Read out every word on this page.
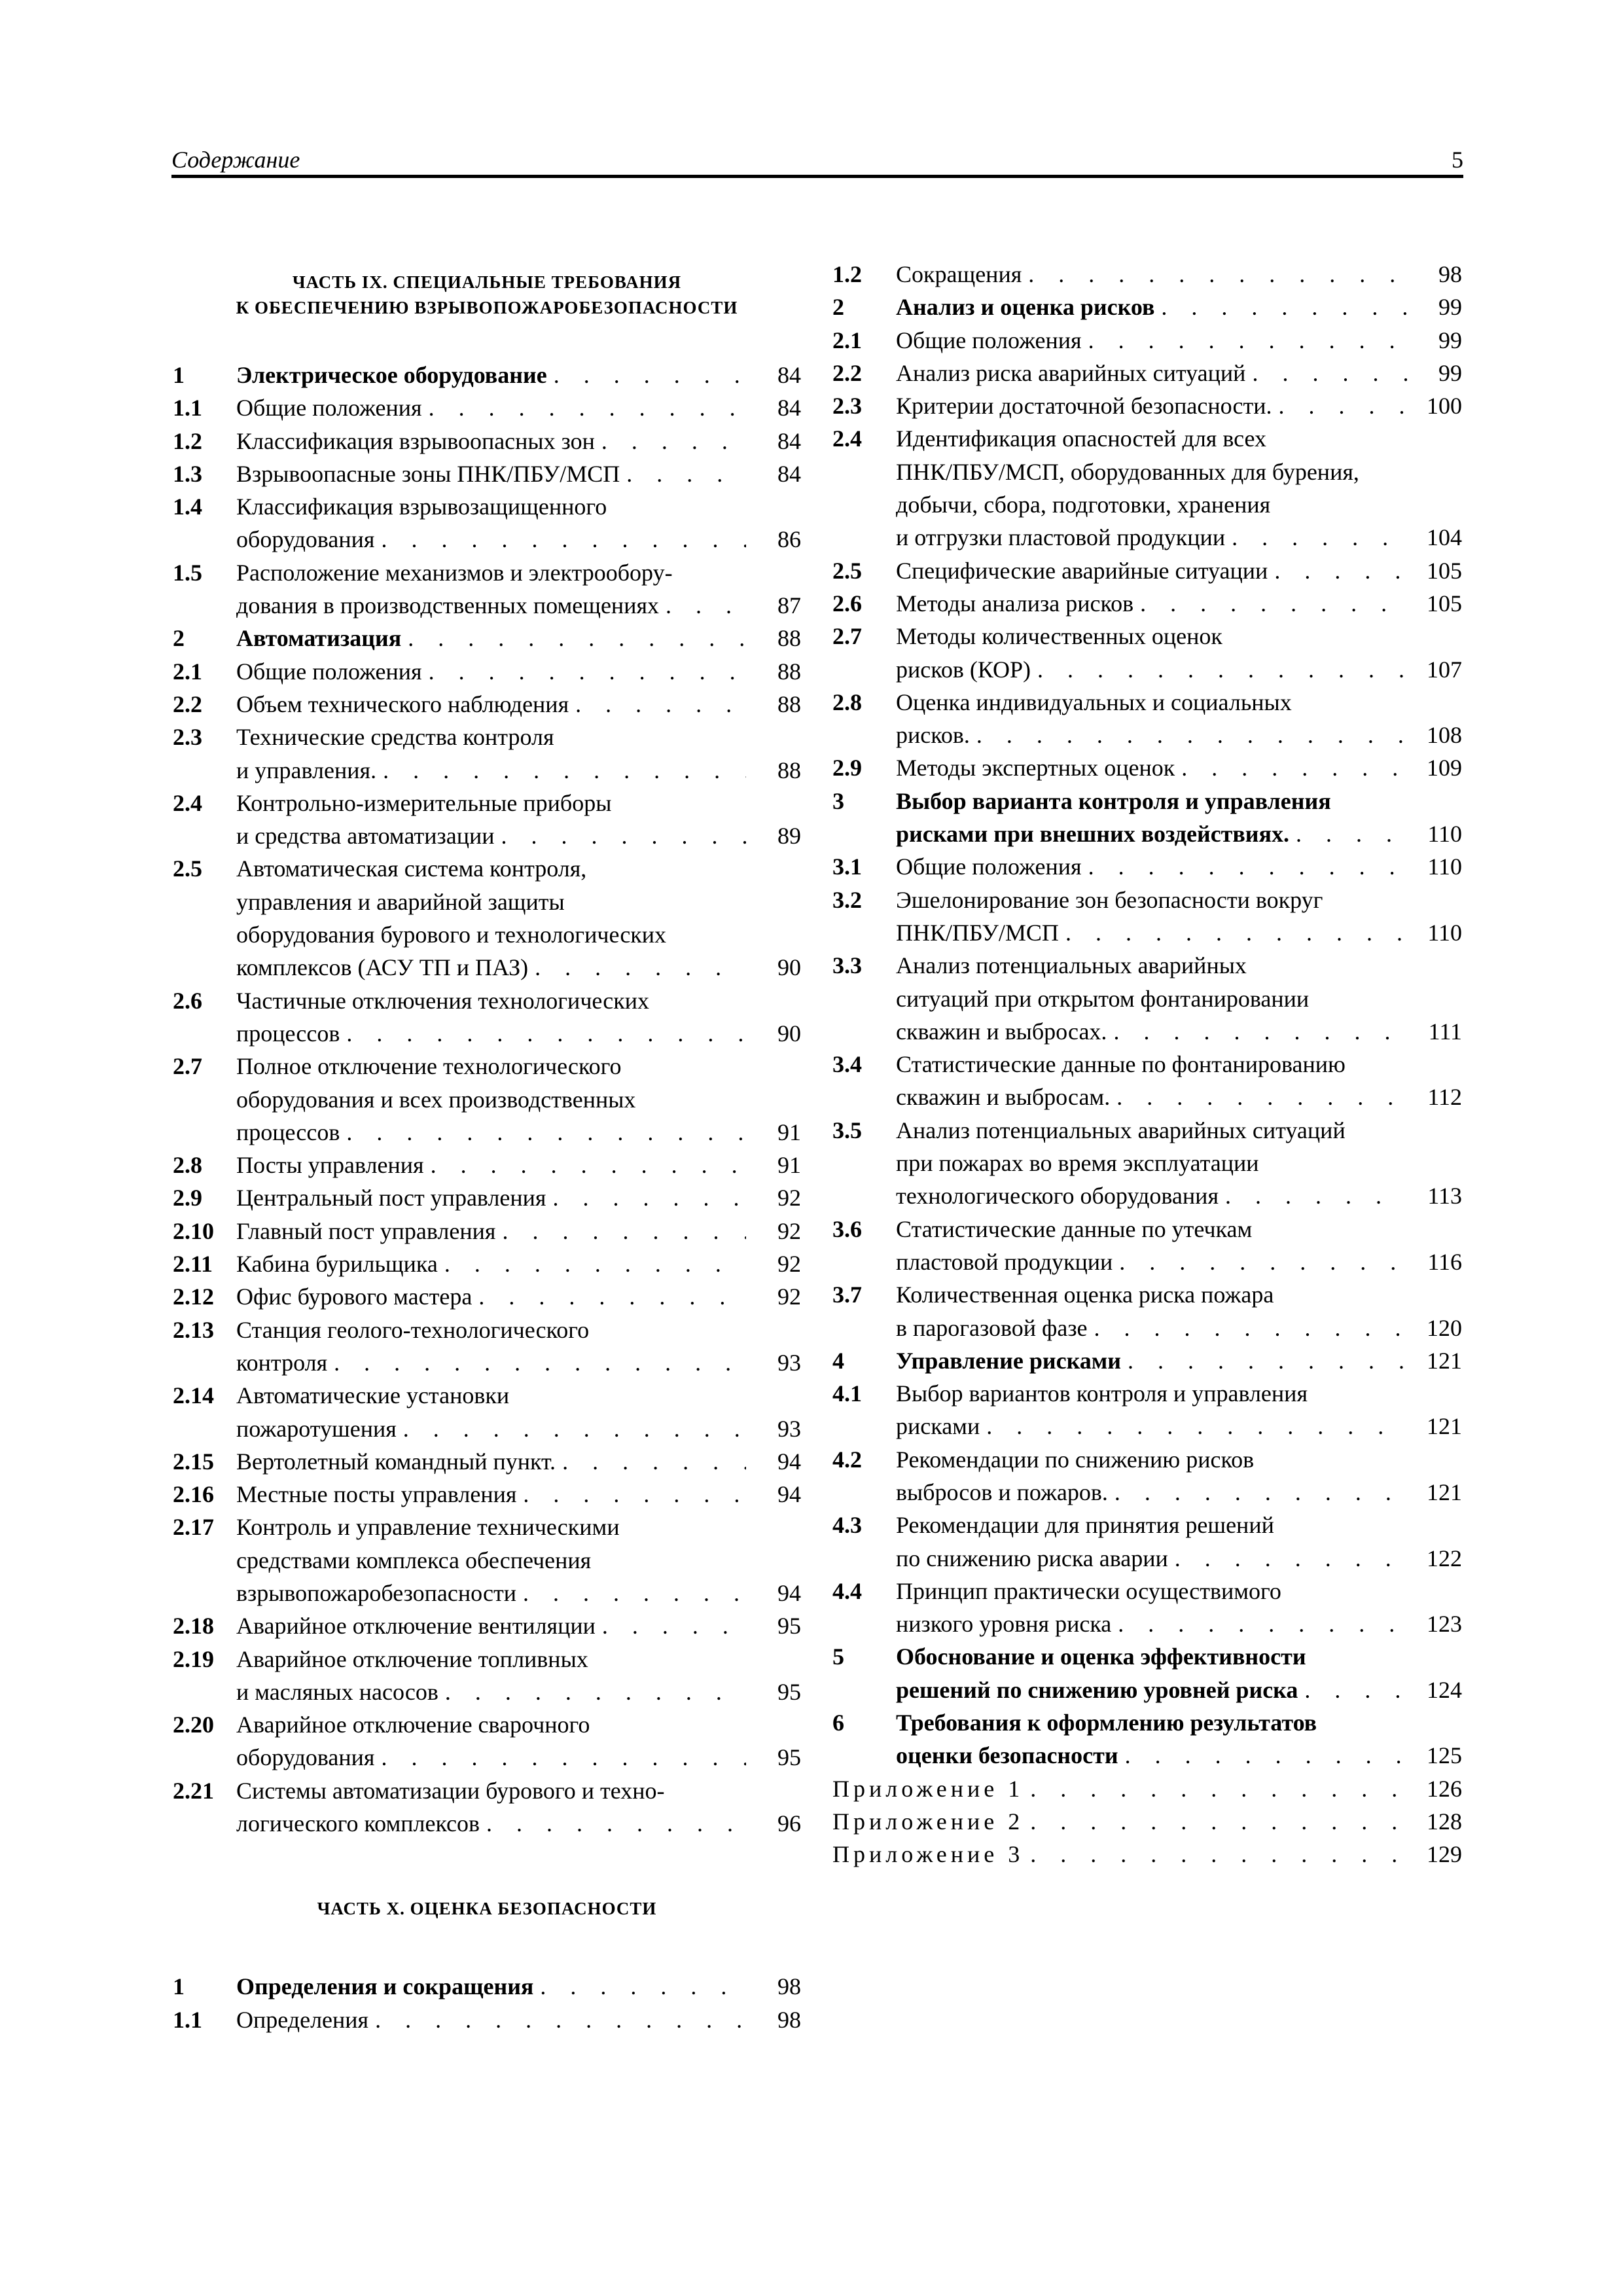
Содержание	5
ЧАСТЬ IX. СПЕЦИАЛЬНЫЕ ТРЕБОВАНИЯ
К ОБЕСПЕЧЕНИЮ ВЗРЫВОПОЖАРОБЕЗОПАСНОСТИ
1	Электрическое оборудование . . .	84
1.1	Общие положения . . .	84
1.2	Классификация взрывоопасных зон . . .	84
1.3	Взрывоопасные зоны ПНК/ПБУ/МСП . . .	84
1.4	Классификация взрывозащищенного
оборудования . . .	86
1.5	Расположение механизмов и электрообору-
дования в производственных помещениях . . .	87
2	Автоматизация . . .	88
2.1	Общие положения . . .	88
2.2	Объем технического наблюдения . . .	88
2.3	Технические средства контроля
и управления. . . .	88
2.4	Контрольно-измерительные приборы
и средства автоматизации . . .	89
2.5	Автоматическая система контроля,
управления и аварийной защиты
оборудования бурового и технологических
комплексов (АСУ ТП и ПАЗ) . . .	90
2.6	Частичные отключения технологических
процессов . . .	90
2.7	Полное отключение технологического
оборудования и всех производственных
процессов . . .	91
2.8	Посты управления . . .	91
2.9	Центральный пост управления . . .	92
2.10 Главный пост управления . . .	92
2.11 Кабина бурильщика . . .	92
2.12 Офис бурового мастера . . .	92
2.13 Станция геолого-технологического
контроля . . .	93
2.14 Автоматические установки
пожаротушения . . .	93
2.15 Вертолетный командный пункт. . . .	94
2.16 Местные посты управления . . .	94
2.17 Контроль и управление техническими
средствами комплекса обеспечения
взрывопожаробезопасности . . .	94
2.18 Аварийное отключение вентиляции . . .	95
2.19 Аварийное отключение топливных
и масляных насосов . . .	95
2.20 Аварийное отключение сварочного
оборудования . . .	95
2.21 Системы автоматизации бурового и техно-
логического комплексов . . .	96
ЧАСТЬ X. ОЦЕНКА БЕЗОПАСНОСТИ
1	Определения и сокращения . . .	98
1.1	Определения . . .	98
1.2	Сокращения . . .	98
2	Анализ и оценка рисков . . .	99
2.1	Общие положения . . .	99
2.2	Анализ риска аварийных ситуаций . . .	99
2.3	Критерии достаточной безопасности. . . .	100
2.4	Идентификация опасностей для всех
ПНК/ПБУ/МСП, оборудованных для бурения,
добычи, сбора, подготовки, хранения
и отгрузки пластовой продукции . . .	104
2.5	Специфические аварийные ситуации . . .	105
2.6	Методы анализа рисков . . .	105
2.7	Методы количественных оценок
рисков (КОР) . . .	107
2.8	Оценка индивидуальных и социальных
рисков. . . .	108
2.9	Методы экспертных оценок . . .	109
3	Выбор варианта контроля и управления
рисками при внешних воздействиях. . . .	110
3.1	Общие положения . . .	110
3.2	Эшелонирование зон безопасности вокруг
ПНК/ПБУ/МСП . . .	110
3.3	Анализ потенциальных аварийных
ситуаций при открытом фонтанировании
скважин и выбросах. . . .	111
3.4	Статистические данные по фонтанированию
скважин и выбросам. . . .	112
3.5	Анализ потенциальных аварийных ситуаций
при пожарах во время эксплуатации
технологического оборудования . . .	113
3.6	Статистические данные по утечкам
пластовой продукции . . .	116
3.7	Количественная оценка риска пожара
в парогазовой фазе . . .	120
4	Управление рисками . . .	121
4.1	Выбор вариантов контроля и управления
рисками . . .	121
4.2	Рекомендации по снижению рисков
выбросов и пожаров. . . .	121
4.3	Рекомендации для принятия решений
по снижению риска аварии . . .	122
4.4	Принцип практически осуществимого
низкого уровня риска . . .	123
5	Обоснование и оценка эффективности
решений по снижению уровней риска . . .	124
6	Требования к оформлению результатов
оценки безопасности . . .	125
Приложение 1 . . .	126
Приложение 2 . . .	128
Приложение 3 . . .	129
